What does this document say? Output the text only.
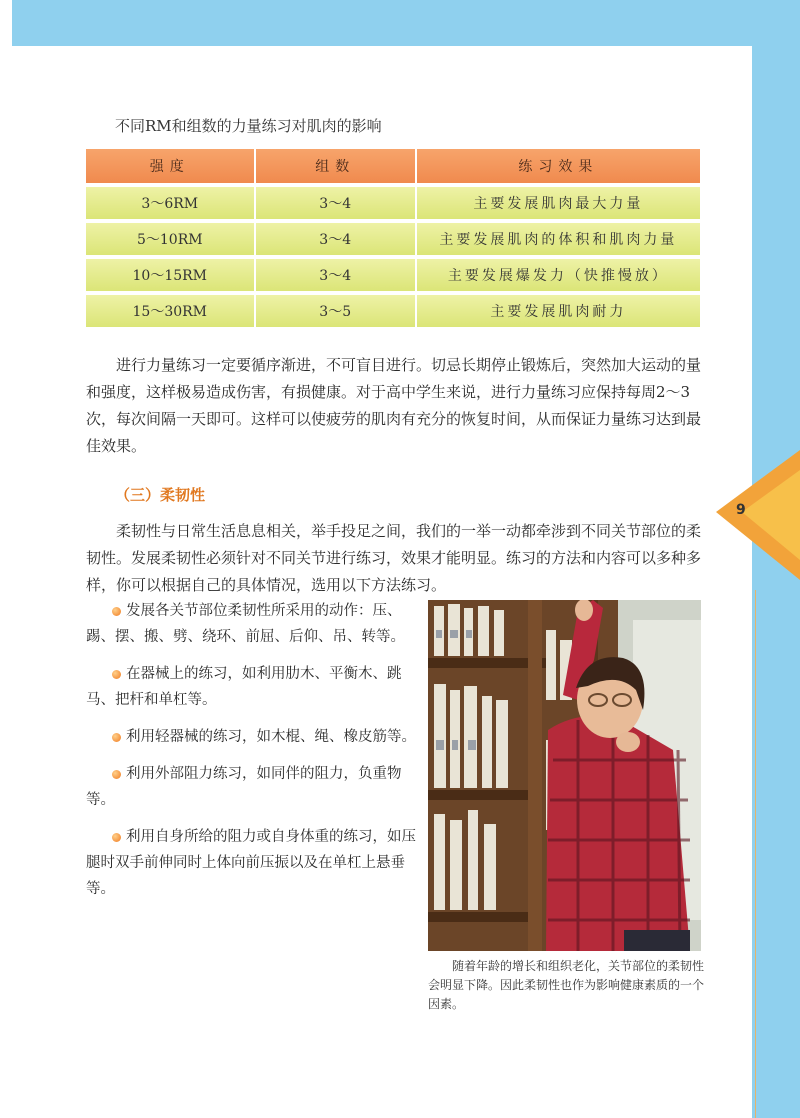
9
不同RM和组数的力量练习对肌肉的影响
强度	组数	练习效果
3～6RM	3～4	主要发展肌肉最大力量
5～10RM	3～4	主要发展肌肉的体积和肌肉力量
10～15RM	3～4	主要发展爆发力（快推慢放）
15～30RM	3～5	主要发展肌肉耐力

进行力量练习一定要循序渐进，不可盲目进行。切忌长期停止锻炼后，突然加大运动的量和强度，这样极易造成伤害，有损健康。对于高中学生来说，进行力量练习应保持每周2～3次，每次间隔一天即可。这样可以使疲劳的肌肉有充分的恢复时间，从而保证力量练习达到最佳效果。

（三）柔韧性

柔韧性与日常生活息息相关，举手投足之间，我们的一举一动都牵涉到不同关节部位的柔韧性。发展柔韧性必须针对不同关节进行练习，效果才能明显。练习的方法和内容可以多种多样，你可以根据自己的具体情况，选用以下方法练习。

发展各关节部位柔韧性所采用的动作：压、踢、摆、搬、劈、绕环、前屈、后仰、吊、转等。
在器械上的练习，如利用肋木、平衡木、跳马、把杆和单杠等。
利用轻器械的练习，如木棍、绳、橡皮筋等。
利用外部阻力练习，如同伴的阻力，负重物等。
利用自身所给的阻力或自身体重的练习，如压腿时双手前伸同时上体向前压振以及在单杠上悬垂等。

随着年龄的增长和组织老化，关节部位的柔韧性会明显下降。因此柔韧性也作为影响健康素质的一个因素。
